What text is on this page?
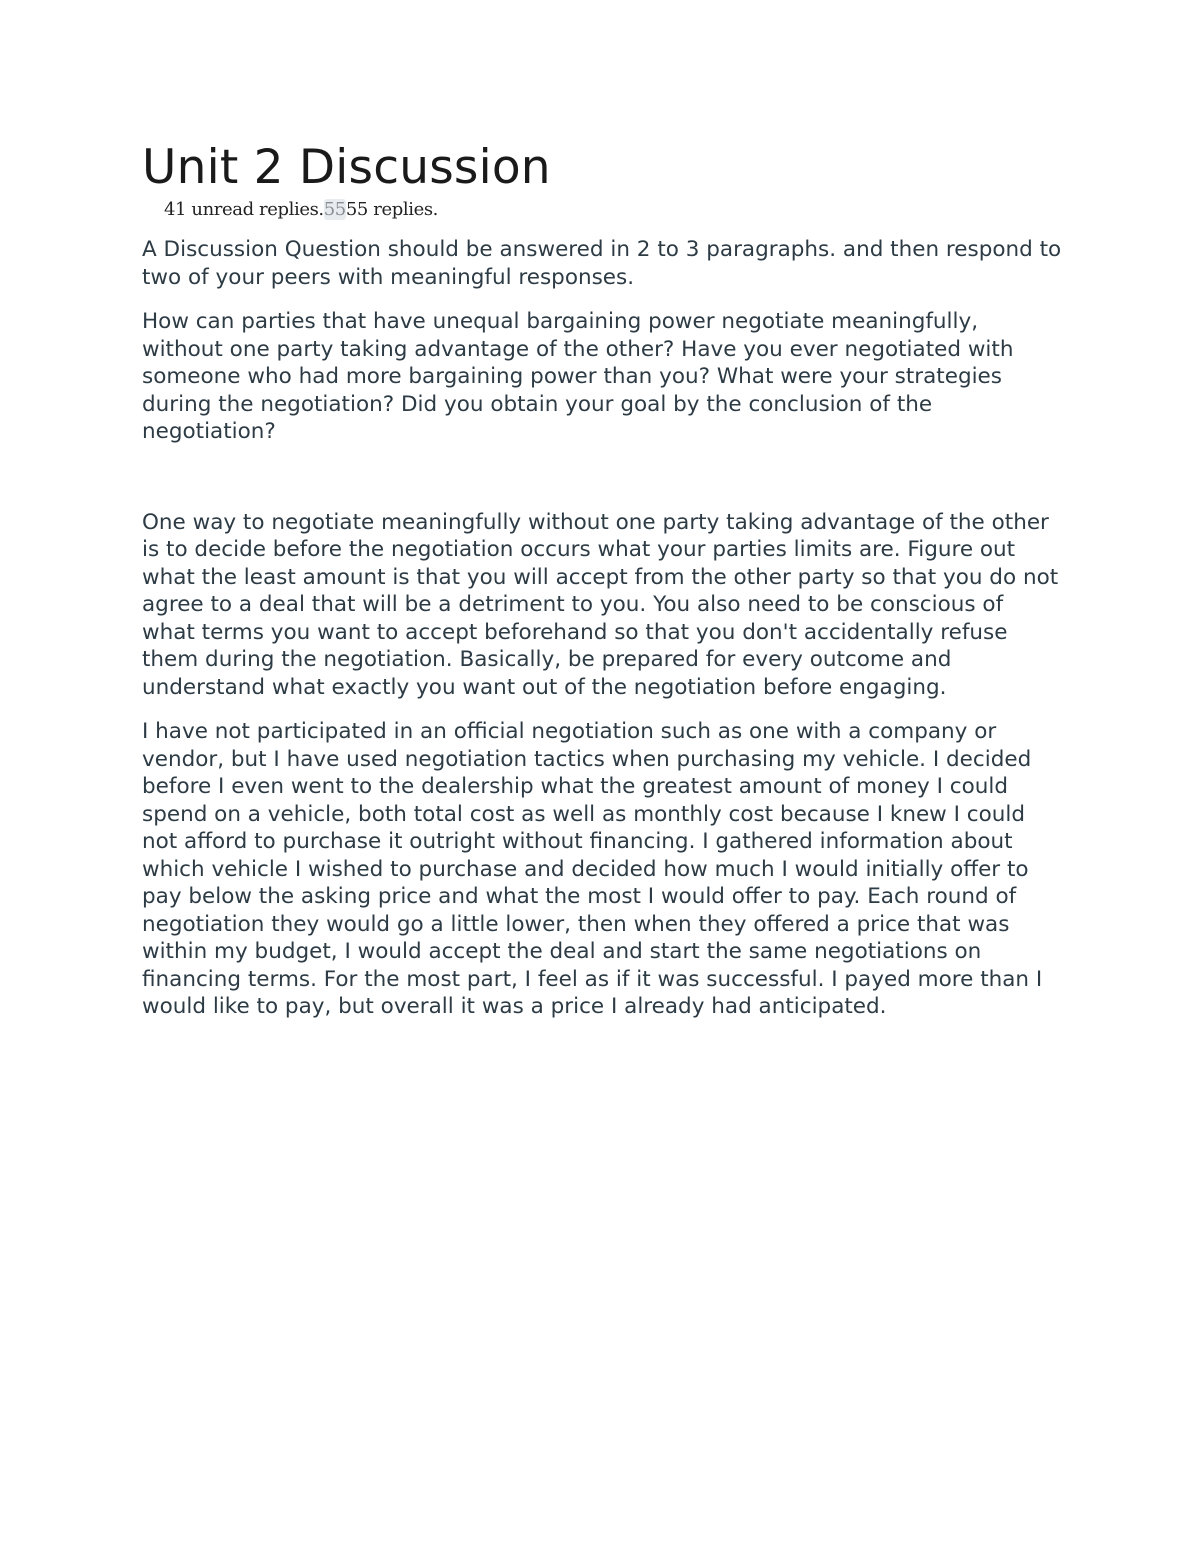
Unit 2 Discussion
41 unread replies.5555 replies.

A Discussion Question should be answered in 2 to 3 paragraphs. and then respond to two of your peers with meaningful responses.

How can parties that have unequal bargaining power negotiate meaningfully, without one party taking advantage of the other? Have you ever negotiated with someone who had more bargaining power than you? What were your strategies during the negotiation? Did you obtain your goal by the conclusion of the negotiation?

One way to negotiate meaningfully without one party taking advantage of the other is to decide before the negotiation occurs what your parties limits are. Figure out what the least amount is that you will accept from the other party so that you do not agree to a deal that will be a detriment to you. You also need to be conscious of what terms you want to accept beforehand so that you don't accidentally refuse them during the negotiation. Basically, be prepared for every outcome and understand what exactly you want out of the negotiation before engaging.

I have not participated in an official negotiation such as one with a company or vendor, but I have used negotiation tactics when purchasing my vehicle. I decided before I even went to the dealership what the greatest amount of money I could spend on a vehicle, both total cost as well as monthly cost because I knew I could not afford to purchase it outright without financing. I gathered information about which vehicle I wished to purchase and decided how much I would initially offer to pay below the asking price and what the most I would offer to pay. Each round of negotiation they would go a little lower, then when they offered a price that was within my budget, I would accept the deal and start the same negotiations on financing terms. For the most part, I feel as if it was successful. I payed more than I would like to pay, but overall it was a price I already had anticipated.
